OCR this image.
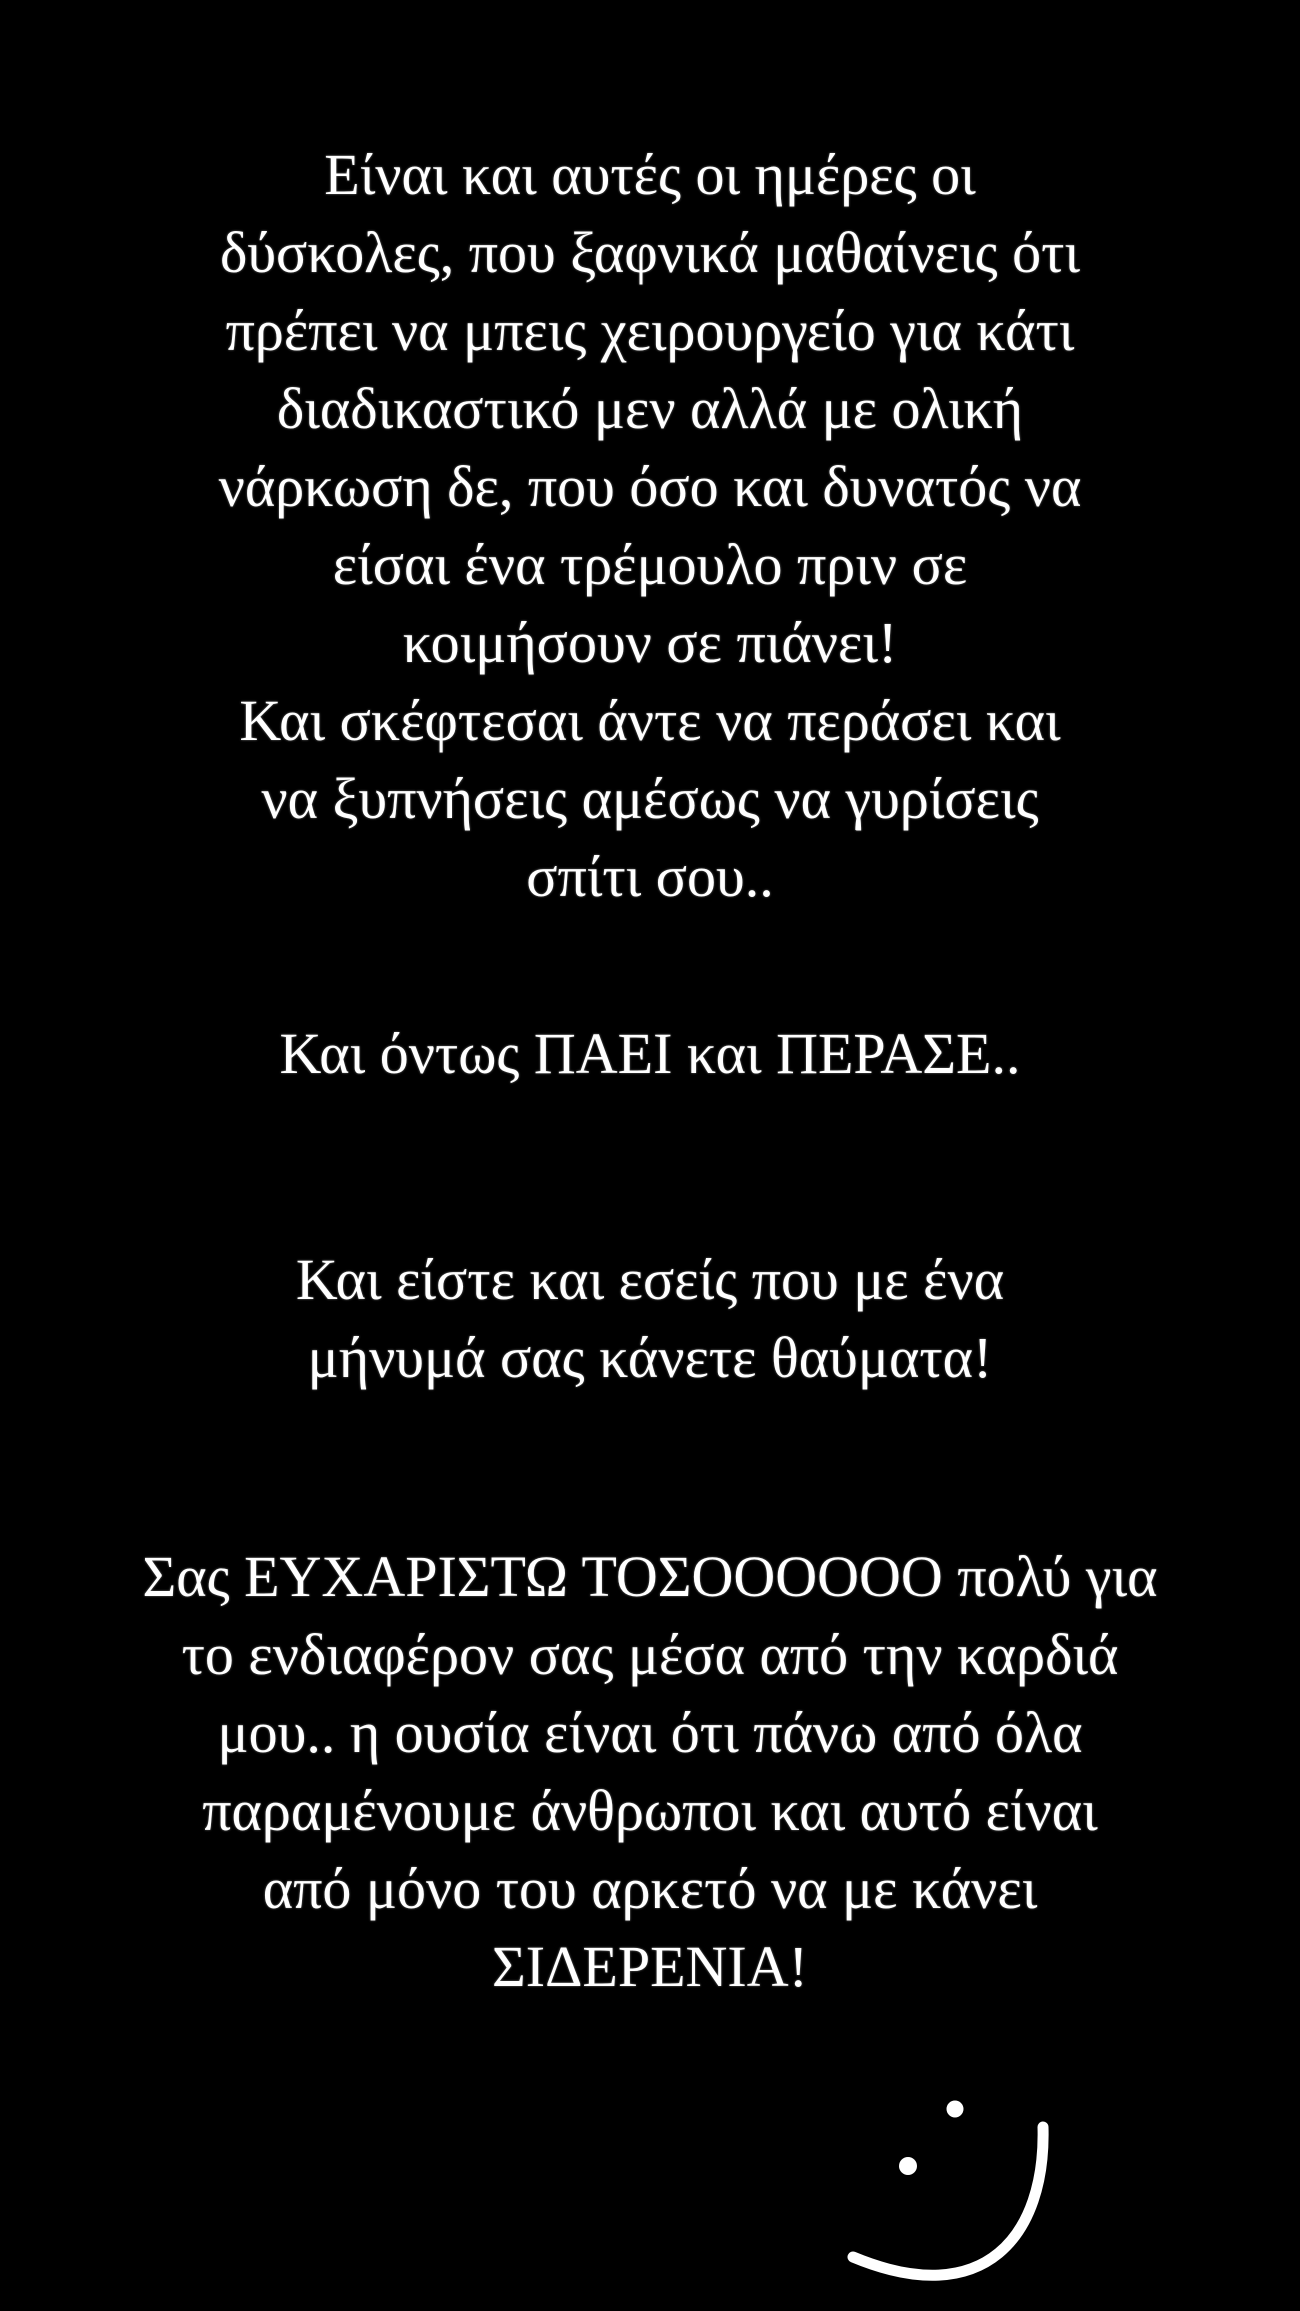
Είναι και αυτές οι ημέρες οι
δύσκολες, που ξαφνικά μαθαίνεις ότι
πρέπει να μπεις χειρουργείο για κάτι
διαδικαστικό μεν αλλά με ολική
νάρκωση δε, που όσο και δυνατός να
είσαι ένα τρέμουλο πριν σε
κοιμήσουν σε πιάνει!
Και σκέφτεσαι άντε να περάσει και
να ξυπνήσεις αμέσως να γυρίσεις
σπίτι σου..
Και όντως ΠΑΕΙ και ΠΕΡΑΣΕ..
Και είστε και εσείς που με ένα
μήνυμά σας κάνετε θαύματα!
Σας ΕΥΧΑΡΙΣΤΩ ΤΟΣΟΟΟΟΟΟ πολύ για
το ενδιαφέρον σας μέσα από την καρδιά
μου.. η ουσία είναι ότι πάνω από όλα
παραμένουμε άνθρωποι και αυτό είναι
από μόνο του αρκετό να με κάνει
ΣΙΔΕΡΕΝΙΑ!
